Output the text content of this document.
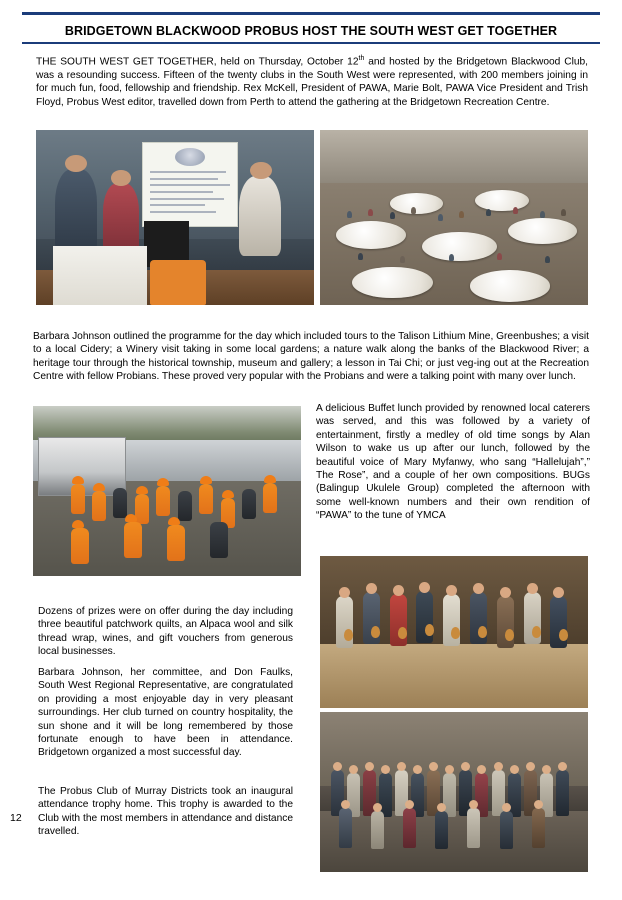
BRIDGETOWN BLACKWOOD PROBUS HOST THE SOUTH WEST GET TOGETHER
THE SOUTH WEST GET TOGETHER, held on Thursday, October 12th and hosted by the Bridgetown Blackwood Club, was a resounding success. Fifteen of the twenty clubs in the South West were represented, with 200 members joining in for much fun, food, fellowship and friendship. Rex McKell, President of PAWA, Marie Bolt, PAWA Vice President and Trish Floyd, Probus West editor, travelled down from Perth to attend the gathering at the Bridgetown Recreation Centre.
Barbara Johnson outlined the programme for the day which included tours to the Talison Lithium Mine, Greenbushes; a visit to a local Cidery; a Winery visit taking in some local gardens; a nature walk along the banks of the Blackwood River; a heritage tour through the historical township, museum and gallery; a lesson in Tai Chi; or just veg-ing out at the Recreation Centre with fellow Probians. These proved very popular with the Probians and were a talking point with many over lunch.
A delicious Buffet lunch provided by renowned local caterers was served, and this was followed by a variety of entertainment, firstly a medley of old time songs by Alan Wilson to wake us up after our lunch, followed by the beautiful voice of Mary Myfanwy, who sang “Hallelujah”,” The Rose”, and a couple of her own compositions. BUGs (Balingup Ukulele Group) completed the afternoon with some well-known numbers and their own rendition of “PAWA” to the tune of YMCA
Dozens of prizes were on offer during the day including three beautiful patchwork quilts, an Alpaca wool and silk thread wrap, wines, and gift vouchers from generous local businesses.
Barbara Johnson, her committee, and Don Faulks, South West Regional Representative, are congratulated on providing a most enjoyable day in very pleasant surroundings. Her club turned on country hospitality, the sun shone and it will be long remembered by those fortunate enough to have been in attendance. Bridgetown organized a most successful day.
The Probus Club of Murray Districts took an inaugural attendance trophy home. This trophy is awarded to the Club with the most members in attendance and distance travelled.
12
